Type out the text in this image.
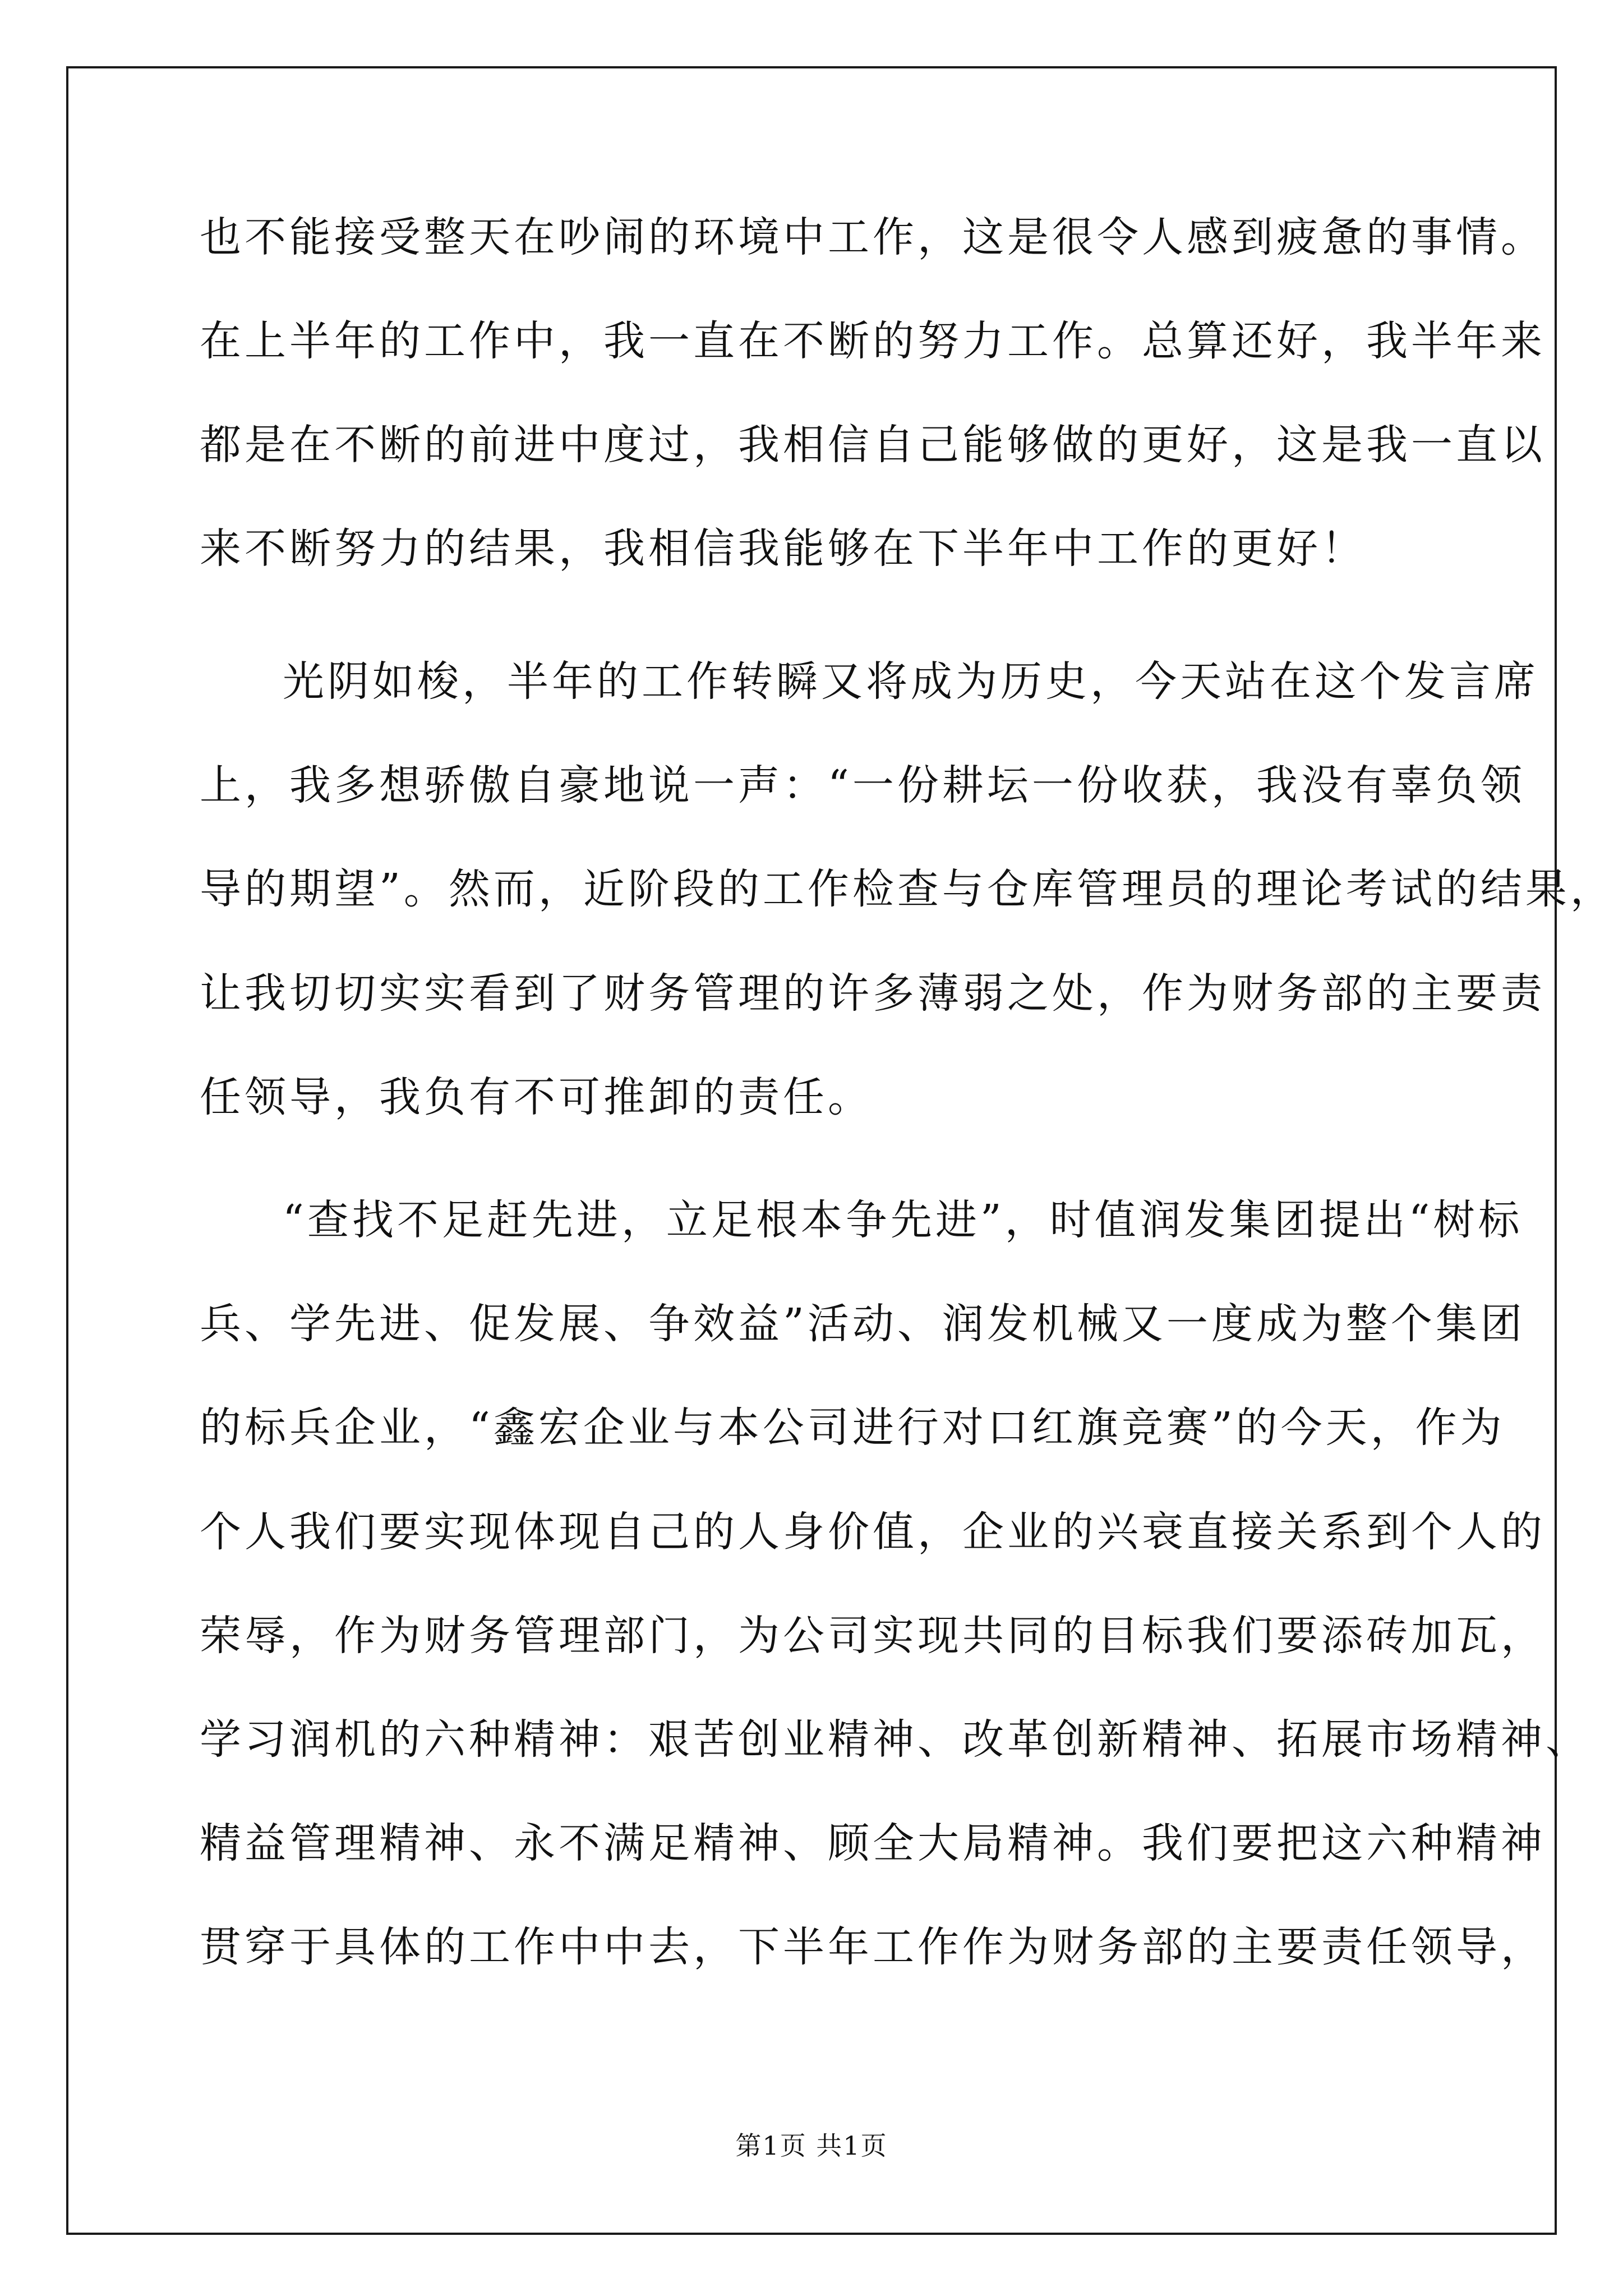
也不能接受整天在吵闹的环境中工作，这是很令人感到疲惫的事情。
在上半年的工作中，我一直在不断的努力工作。总算还好，我半年来
都是在不断的前进中度过，我相信自己能够做的更好，这是我一直以
来不断努力的结果，我相信我能够在下半年中工作的更好！
光阴如梭，半年的工作转瞬又将成为历史，今天站在这个发言席
上，我多想骄傲自豪地说一声：“一份耕坛一份收获，我没有辜负领
导的期望”。然而，近阶段的工作检查与仓库管理员的理论考试的结果，
让我切切实实看到了财务管理的许多薄弱之处，作为财务部的主要责
任领导，我负有不可推卸的责任。
“查找不足赶先进，立足根本争先进”，时值润发集团提出“树标
兵、学先进、促发展、争效益”活动、润发机械又一度成为整个集团
的标兵企业，“鑫宏企业与本公司进行对口红旗竞赛”的今天，作为
个人我们要实现体现自己的人身价值，企业的兴衰直接关系到个人的
荣辱，作为财务管理部门，为公司实现共同的目标我们要添砖加瓦，
学习润机的六种精神：艰苦创业精神、改革创新精神、拓展市场精神、
精益管理精神、永不满足精神、顾全大局精神。我们要把这六种精神
贯穿于具体的工作中中去，下半年工作作为财务部的主要责任领导，
第1页 共1页
